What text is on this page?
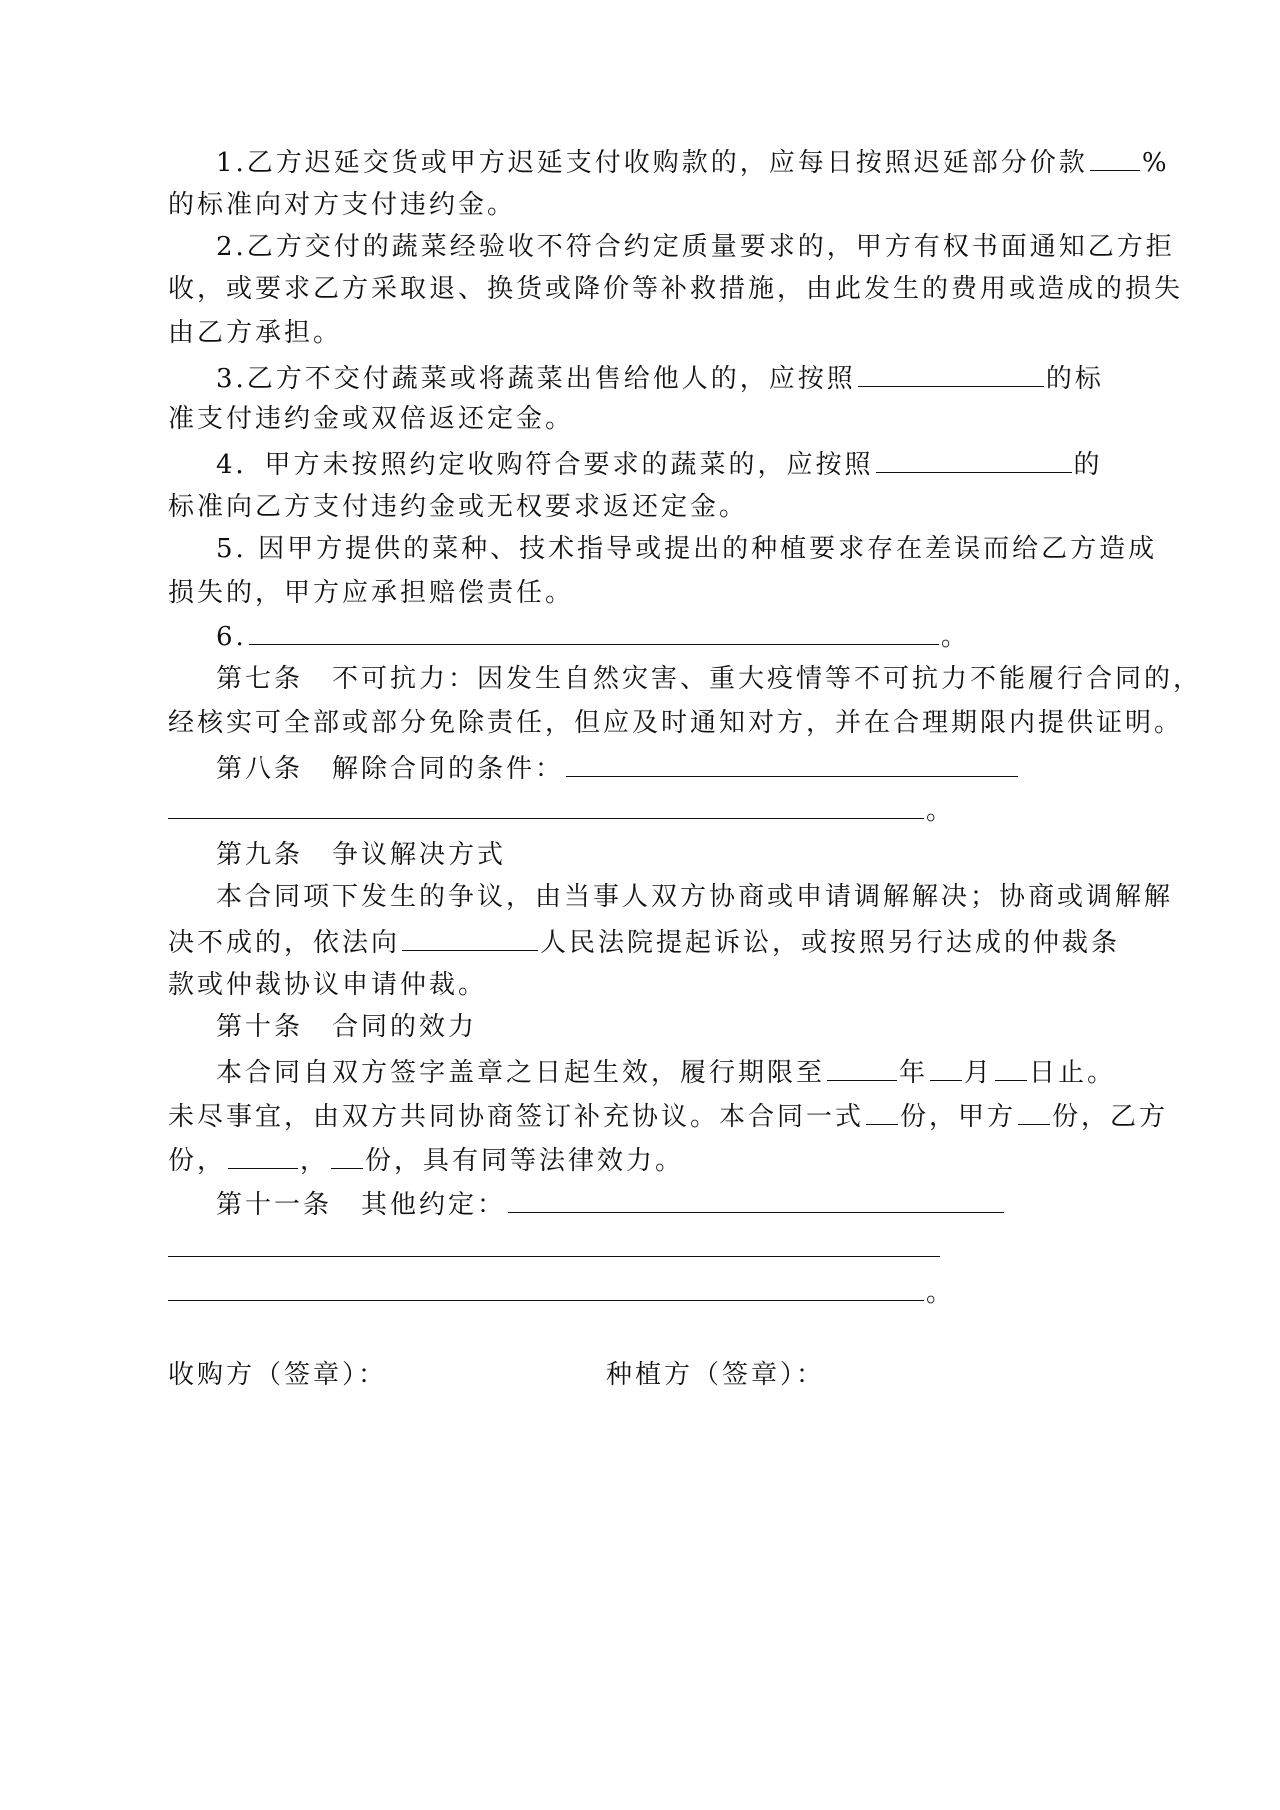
1.乙方迟延交货或甲方迟延支付收购款的，应每日按照迟延部分价款 %
的标准向对方支付违约金。
2.乙方交付的蔬菜经验收不符合约定质量要求的，甲方有权书面通知乙方拒
收，或要求乙方采取退、换货或降价等补救措施，由此发生的费用或造成的损失
由乙方承担。
3.乙方不交付蔬菜或将蔬菜出售给他人的，应按照	的标
准支付违约金或双倍返还定金。
4．甲方未按照约定收购符合要求的蔬菜的，应按照	的
标准向乙方支付违约金或无权要求返还定金。
5. 因甲方提供的菜种、技术指导或提出的种植要求存在差误而给乙方造成
损失的，甲方应承担赔偿责任。
6.	。
第七条　不可抗力：因发生自然灾害、重大疫情等不可抗力不能履行合同的，
经核实可全部或部分免除责任，但应及时通知对方，并在合理期限内提供证明。
第八条　解除合同的条件：
。
第九条　争议解决方式
本合同项下发生的争议，由当事人双方协商或申请调解解决；协商或调解解
决不成的，依法向	人民法院提起诉讼，或按照另行达成的仲裁条
款或仲裁协议申请仲裁。
第十条　合同的效力
本合同自双方签字盖章之日起生效，履行期限至	年 月 日止。
未尽事宜，由双方共同协商签订补充协议。本合同一式 份，甲方 份，乙方
份，	， 份，具有同等法律效力。
第十一条　其他约定：
。
收购方（签章）：	种植方（签章）：
